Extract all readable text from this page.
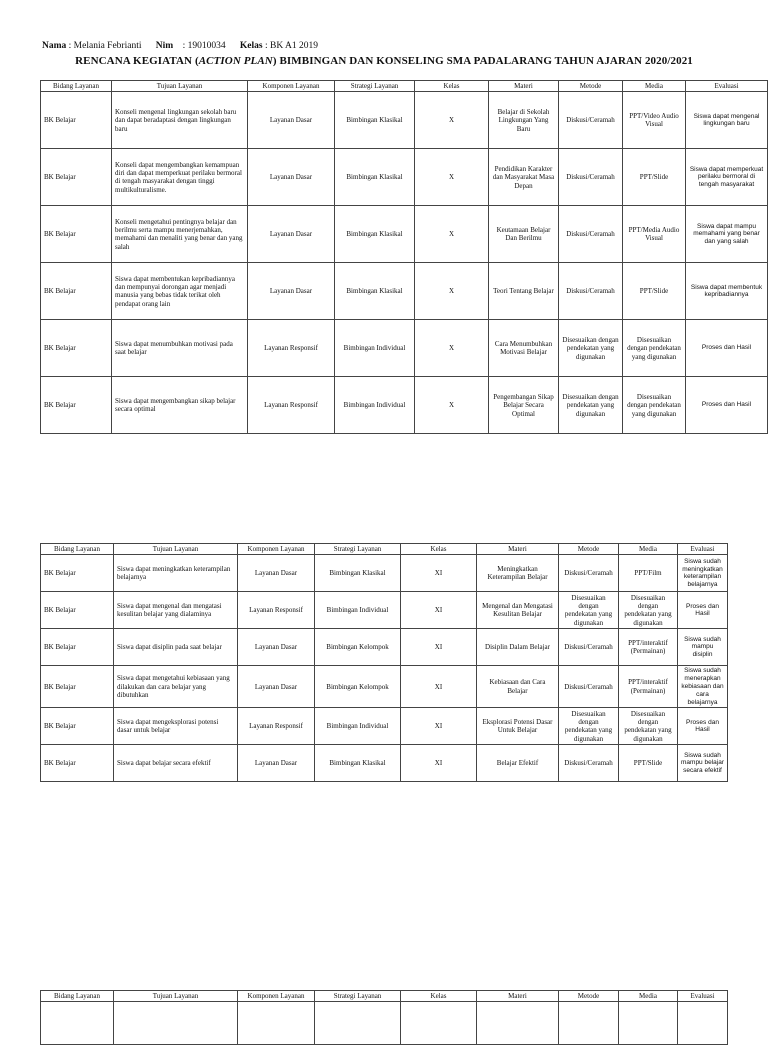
Nama : Melania Febrianti Nim : 19010034 Kelas : BK A1 2019
RENCANA KEGIATAN (ACTION PLAN) BIMBINGAN DAN KONSELING SMA PADALARANG TAHUN AJARAN 2020/2021
Bidang Layanan	Tujuan Layanan	Komponen Layanan	Strategi Layanan	Kelas	Materi	Metode	Media	Evaluasi
BK Belajar	Konseli mengenal lingkungan sekolah baru dan dapat beradaptasi dengan lingkungan baru	Layanan Dasar	Bimbingan Klasikal	X	Belajar di Sekolah Lingkungan Yang Baru	Diskusi/Ceramah	PPT/Video Audio Visual	Siswa dapat mengenal lingkungan baru
BK Belajar	Konseli dapat mengembangkan kemampuan diri dan dapat memperkuat perilaku bermoral di tengah masyarakat dengan tinggi multikulturalisme.	Layanan Dasar	Bimbingan Klasikal	X	Pendidikan Karakter dan Masyarakat Masa Depan	Diskusi/Ceramah	PPT/Slide	Siswa dapat memperkuat perilaku bermoral di tengah masyarakat
BK Belajar	Konseli mengetahui pentingnya belajar dan berilmu serta mampu menerjemahkan, memahami dan menaliti yang benar dan yang salah	Layanan Dasar	Bimbingan Klasikal	X	Keutamaan Belajar Dan Berilmu	Diskusi/Ceramah	PPT/Media Audio Visual	Siswa dapat mampu memahami yang benar dan yang salah
BK Belajar	Siswa dapat membentukan kepribadiannya dan mempunyai dorongan agar menjadi manusia yang bebas tidak terikat oleh pendapat orang lain	Layanan Dasar	Bimbingan Klasikal	X	Teori Tentang Belajar	Diskusi/Ceramah	PPT/Slide	Siswa dapat membentuk kepribadiannya
BK Belajar	Siswa dapat menumbuhkan motivasi pada saat belajar	Layanan Responsif	Bimbingan Individual	X	Cara Menumbuhkan Motivasi Belajar	Disesuaikan dengan pendekatan yang digunakan	Disesuaikan dengan pendekatan yang digunakan	Proses dan Hasil
BK Belajar	Siswa dapat mengembangkan sikap belajar secara optimal	Layanan Responsif	Bimbingan Individual	X	Pengembangan Sikap Belajar Secara Optimal	Disesuaikan dengan pendekatan yang digunakan	Disesuaikan dengan pendekatan yang digunakan	Proses dan Hasil
Bidang Layanan	Tujuan Layanan	Komponen Layanan	Strategi Layanan	Kelas	Materi	Metode	Media	Evaluasi
BK Belajar	Siswa dapat meningkatkan keterampilan belajarnya	Layanan Dasar	Bimbingan Klasikal	XI	Meningkatkan Keterampilan Belajar	Diskusi/Ceramah	PPT/Film	Siswa sudah meningkatkan keterampilan belajarnya
BK Belajar	Siswa dapat mengenal dan mengatasi kesulitan belajar yang dialaminya	Layanan Responsif	Bimbingan Individual	XI	Mengenal dan Mengatasi Kesulitan Belajar	Disesuaikan dengan pendekatan yang digunakan	Disesuaikan dengan pendekatan yang digunakan	Proses dan Hasil
BK Belajar	Siswa dapat disiplin pada saat belajar	Layanan Dasar	Bimbingan Kelompok	XI	Disiplin Dalam Belajar	Diskusi/Ceramah	PPT/interaktif (Permainan)	Siswa sudah mampu disiplin
BK Belajar	Siswa dapat mengetahui kebiasaan yang dilakukan dan cara belajar yang dibutuhkan	Layanan Dasar	Bimbingan Kelompok	XI	Kebiasaan dan Cara Belajar	Diskusi/Ceramah	PPT/interaktif (Permainan)	Siswa sudah menerapkan kebiasaan dan cara belajarnya
BK Belajar	Siswa dapat mengeksplorasi potensi dasar untuk belajar	Layanan Responsif	Bimbingan Individual	XI	Eksplorasi Potensi Dasar Untuk Belajar	Disesuaikan dengan pendekatan yang digunakan	Disesuaikan dengan pendekatan yang digunakan	Proses dan Hasil
BK Belajar	Siswa dapat belajar secara efektif	Layanan Dasar	Bimbingan Klasikal	XI	Belajar Efektif	Diskusi/Ceramah	PPT/Slide	Siswa sudah mampu belajar secara efektif
Bidang Layanan	Tujuan Layanan	Komponen Layanan	Strategi Layanan	Kelas	Materi	Metode	Media	Evaluasi
